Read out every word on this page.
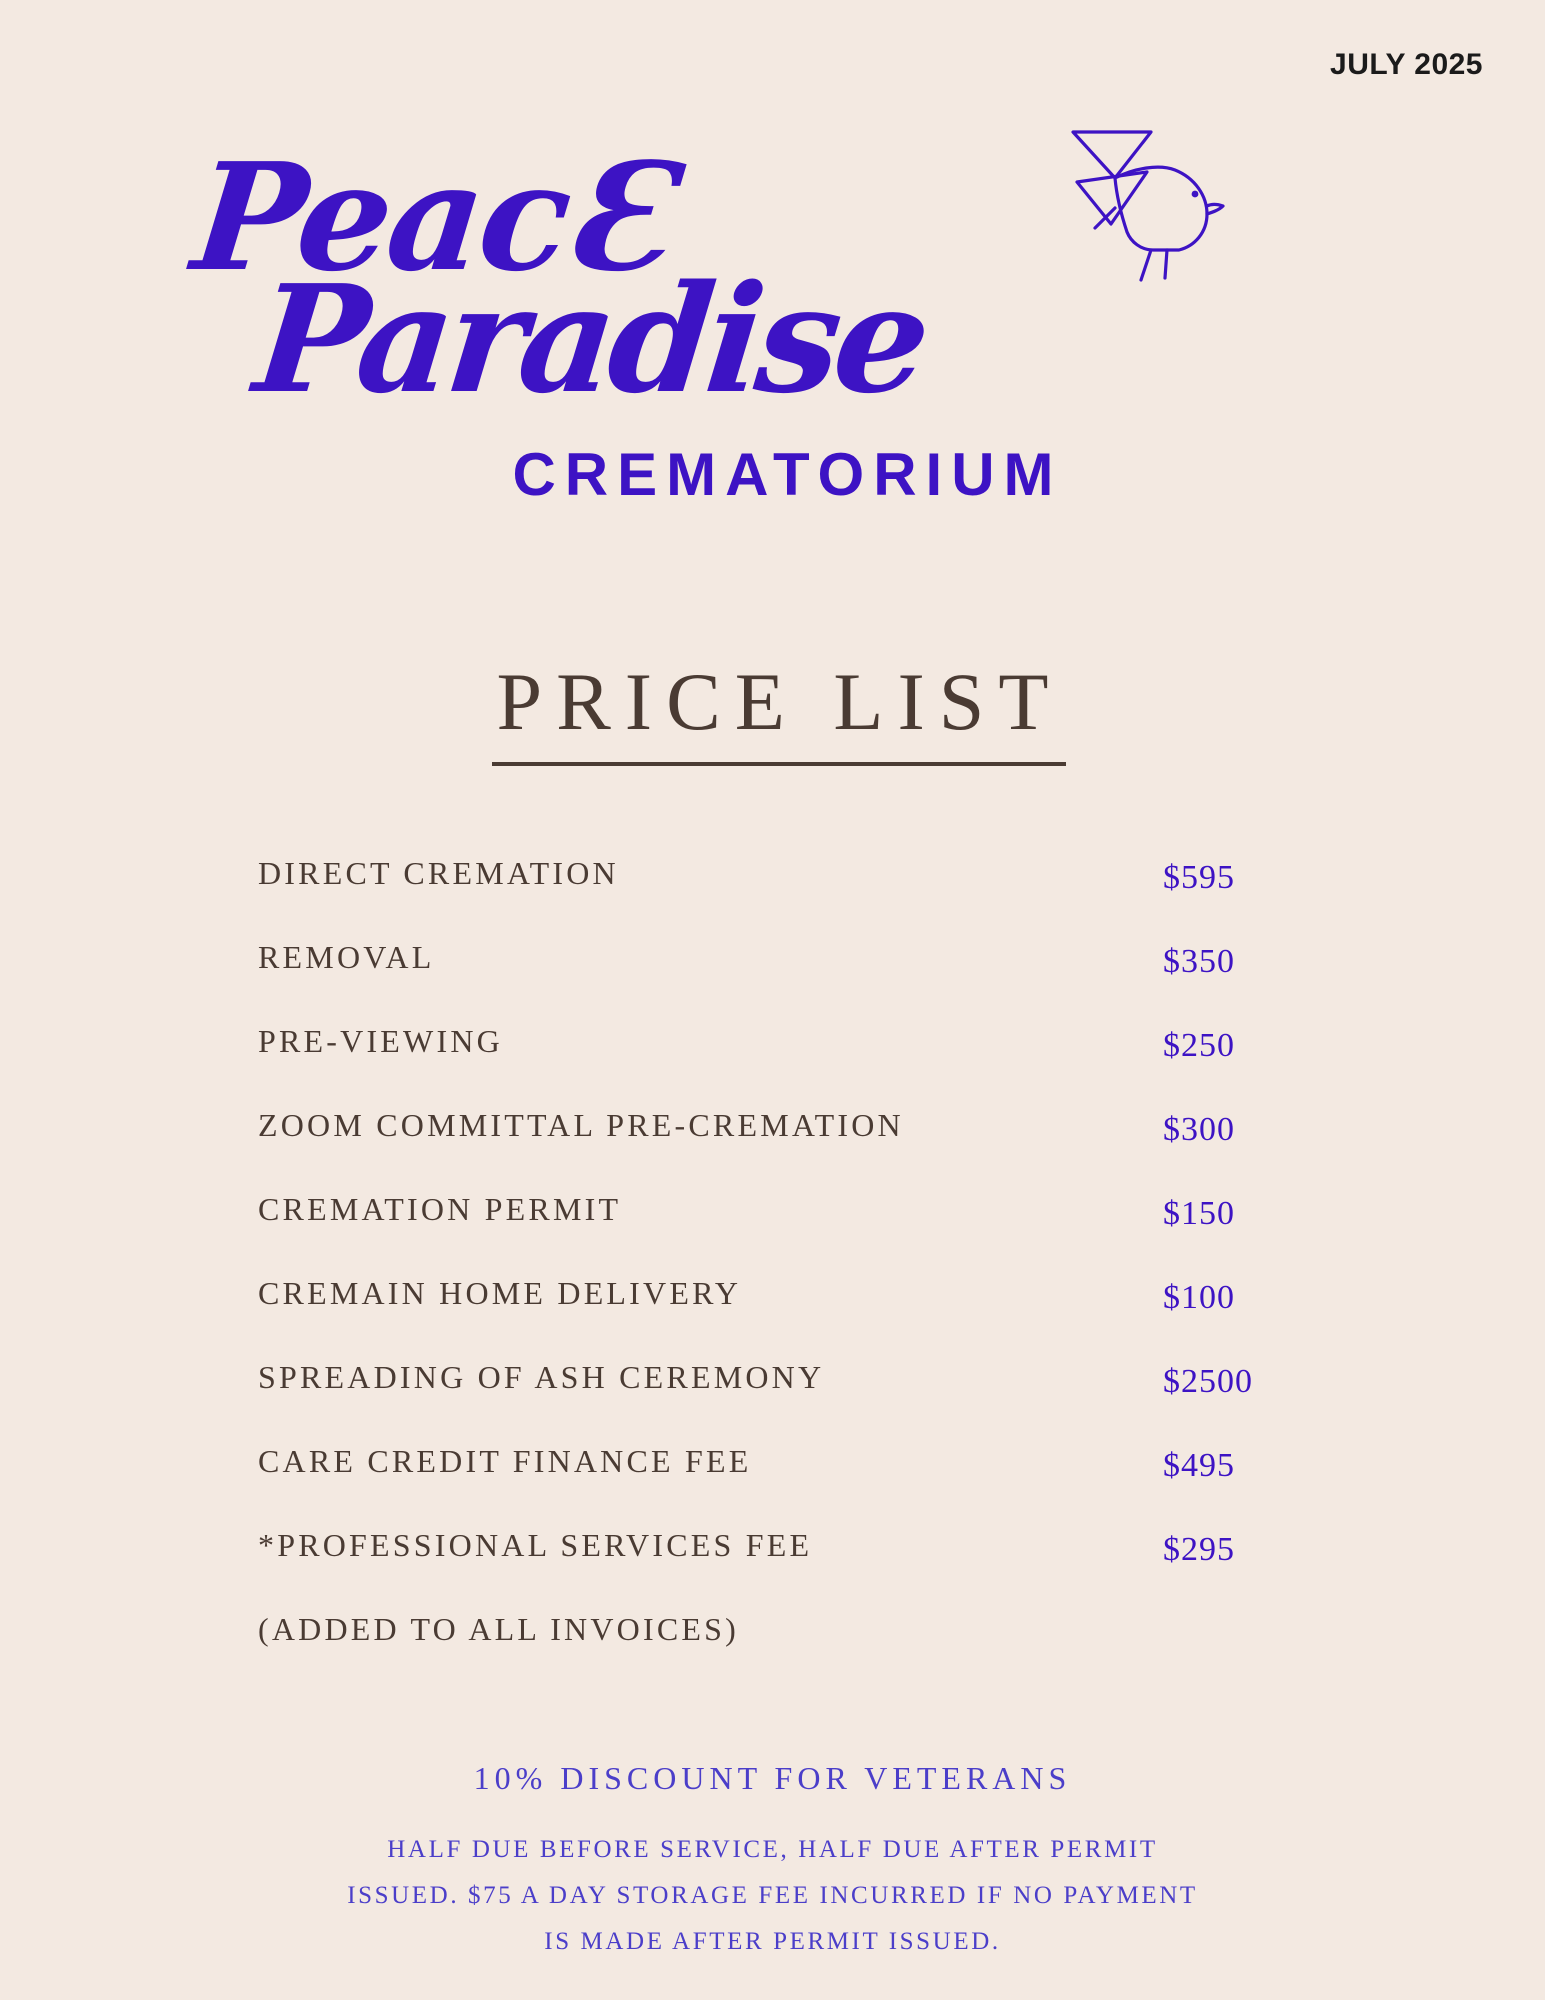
JULY 2025
PeacƐ
Paradise
CREMATORIUM
PRICE LIST
DIRECT CREMATION	$595
REMOVAL	$350
PRE-VIEWING	$250
ZOOM COMMITTAL PRE-CREMATION	$300
CREMATION PERMIT	$150
CREMAIN HOME DELIVERY	$100
SPREADING OF ASH CEREMONY	$2500
CARE CREDIT FINANCE FEE	$495
*PROFESSIONAL SERVICES FEE	$295
(ADDED TO ALL INVOICES)
10% DISCOUNT FOR VETERANS
HALF DUE BEFORE SERVICE, HALF DUE AFTER PERMIT
ISSUED. $75 A DAY STORAGE FEE INCURRED IF NO PAYMENT
IS MADE AFTER PERMIT ISSUED.
